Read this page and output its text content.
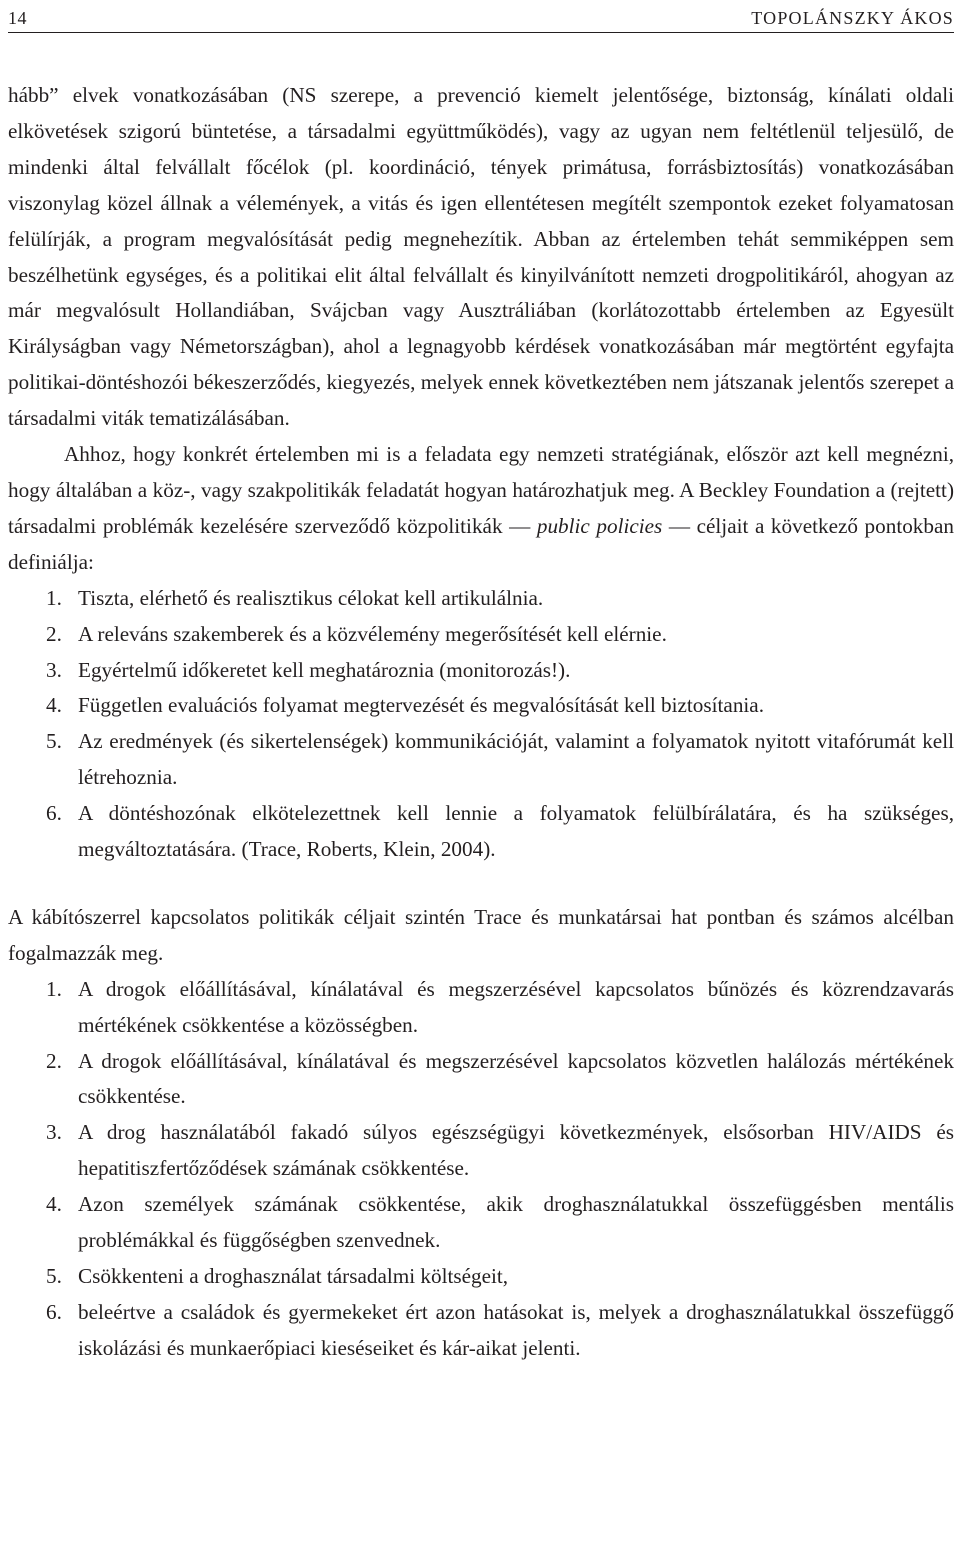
14	TOPOLÁNSZKY ÁKOS

hább” elvek vonatkozásában (NS szerepe, a prevenció kiemelt jelentősége, biztonság, kínálati oldali elkövetések szigorú büntetése, a társadalmi együttműködés), vagy az ugyan nem feltétlenül teljesülő, de mindenki által felvállalt főcélok (pl. koordináció, tények primátusa, forrásbiztosítás) vonatkozásában viszonylag közel állnak a vélemények, a vitás és igen ellentétesen megítélt szempontok ezeket folyamatosan felülírják, a program megvalósítását pedig megnehezítik. Abban az értelemben tehát semmiképpen sem beszélhetünk egységes, és a politikai elit által felvállalt és kinyilvánított nemzeti drogpolitikáról, ahogyan az már megvalósult Hollandiában, Svájcban vagy Ausztráliában (korlátozottabb értelemben az Egyesült Királyságban vagy Németországban), ahol a legnagyobb kérdések vonatkozásában már megtörtént egyfajta politikai-döntéshozói békeszerződés, kiegyezés, melyek ennek következtében nem játszanak jelentős szerepet a társadalmi viták tematizálásában.

Ahhoz, hogy konkrét értelemben mi is a feladata egy nemzeti stratégiának, először azt kell megnézni, hogy általában a köz-, vagy szakpolitikák feladatát hogyan határozhatjuk meg. A Beckley Foundation a (rejtett) társadalmi problémák kezelésére szerveződő közpolitikák — public policies — céljait a következő pontokban definiálja:

1. Tiszta, elérhető és realisztikus célokat kell artikulálnia.
2. A releváns szakemberek és a közvélemény megerősítését kell elérnie.
3. Egyértelmű időkeretet kell meghatároznia (monitorozás!).
4. Független evaluációs folyamat megtervezését és megvalósítását kell biztosítania.
5. Az eredmények (és sikertelenségek) kommunikációját, valamint a folyamatok nyitott vitafórumát kell létrehoznia.
6. A döntéshozónak elkötelezettnek kell lennie a folyamatok felülbírálatára, és ha szükséges, megváltoztatására. (Trace, Roberts, Klein, 2004).

A kábítószerrel kapcsolatos politikák céljait szintén Trace és munkatársai hat pontban és számos alcélban fogalmazzák meg.

1. A drogok előállításával, kínálatával és megszerzésével kapcsolatos bűnözés és közrendzavarás mértékének csökkentése a közösségben.
2. A drogok előállításával, kínálatával és megszerzésével kapcsolatos közvetlen halálozás mértékének csökkentése.
3. A drog használatából fakadó súlyos egészségügyi következmények, elsősorban HIV/AIDS és hepatitiszfertőződések számának csökkentése.
4. Azon személyek számának csökkentése, akik droghasználatukkal összefüggésben mentális problémákkal és függőségben szenvednek.
5. Csökkenteni a droghasználat társadalmi költségeit,
6. beleértve a családok és gyermekeket ért azon hatásokat is, melyek a droghasználatukkal összefüggő iskolázási és munkaerőpiaci kieséseiket és kár-aikat jelenti.
